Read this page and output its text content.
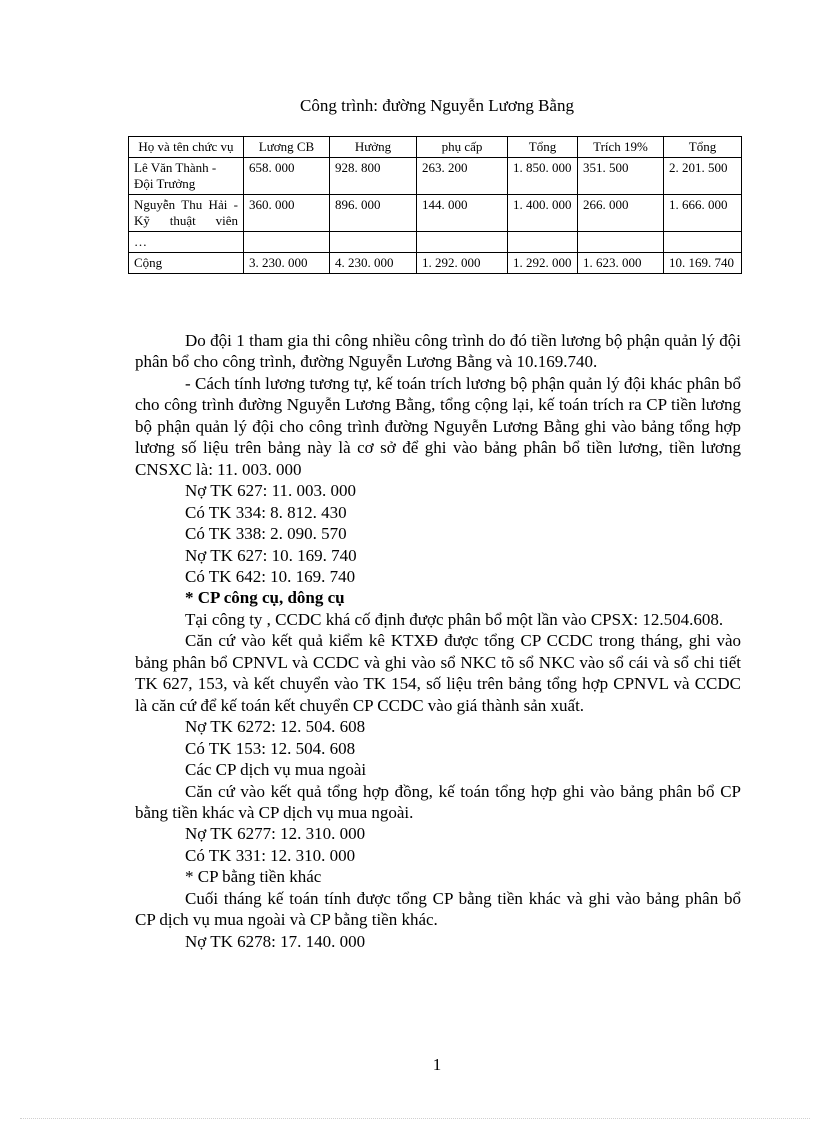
Công trình: đường Nguyễn Lương Bằng
Họ và tên chức vụ	Lương CB	Hưởng	phụ cấp	Tổng	Trích 19%	Tổng
Lê Văn Thành - Đội Trưởng	658. 000	928. 800	263. 200	1. 850. 000	351. 500	2. 201. 500
Nguyễn Thu Hải - Kỹ thuật viên	360. 000	896. 000	144. 000	1. 400. 000	266. 000	1. 666. 000
…						
Cộng	3. 230. 000	4. 230. 000	1. 292. 000	1. 292. 000	1. 623. 000	10. 169. 740

Do đội 1 tham gia thi công nhiều công trình do đó tiền lương bộ phận quản lý đội phân bổ cho công trình, đường Nguyễn Lương Bằng và 10.169.740.

- Cách tính lương tương tự, kế toán trích lương bộ phận quản lý đội khác phân bổ cho công trình đường Nguyễn Lương Bằng, tổng cộng lại, kế toán trích ra CP tiền lương bộ phận quản lý đội cho công trình đường Nguyễn Lương Bằng ghi vào bảng tổng hợp lương số liệu trên bảng này là cơ sở để ghi vào bảng phân bổ tiền lương, tiền lương CNSXC là: 11. 003. 000

Nợ TK 627: 11. 003. 000

Có TK 334: 8. 812. 430

Có TK 338: 2. 090. 570

Nợ TK 627: 10. 169. 740

Có TK 642: 10. 169. 740

* CP công cụ, dông cụ

Tại công ty , CCDC khá cố định được phân bổ một lần vào CPSX: 12.504.608.

Căn cứ vào kết quả kiểm kê KTXĐ được tổng CP CCDC trong tháng, ghi vào bảng phân bổ CPNVL và CCDC và ghi vào sổ NKC tõ sổ NKC vào sổ cái và sổ chi tiết TK 627, 153, và kết chuyển vào TK 154, số liệu trên bảng tổng hợp CPNVL và CCDC là căn cứ để kế toán kết chuyển CP CCDC vào giá thành sản xuất.

Nợ TK 6272: 12. 504. 608

Có TK 153: 12. 504. 608

Các CP dịch vụ mua ngoài

Căn cứ vào kết quả tổng hợp đồng, kế toán tổng hợp ghi vào bảng phân bổ CP bằng tiền khác và CP dịch vụ mua ngoài.

Nợ TK 6277: 12. 310. 000

Có TK 331: 12. 310. 000

* CP bằng tiền khác

Cuối tháng kế toán tính được tổng CP bằng tiền khác và ghi vào bảng phân bổ CP dịch vụ mua ngoài và CP bằng tiền khác.

Nợ TK 6278: 17. 140. 000

1
